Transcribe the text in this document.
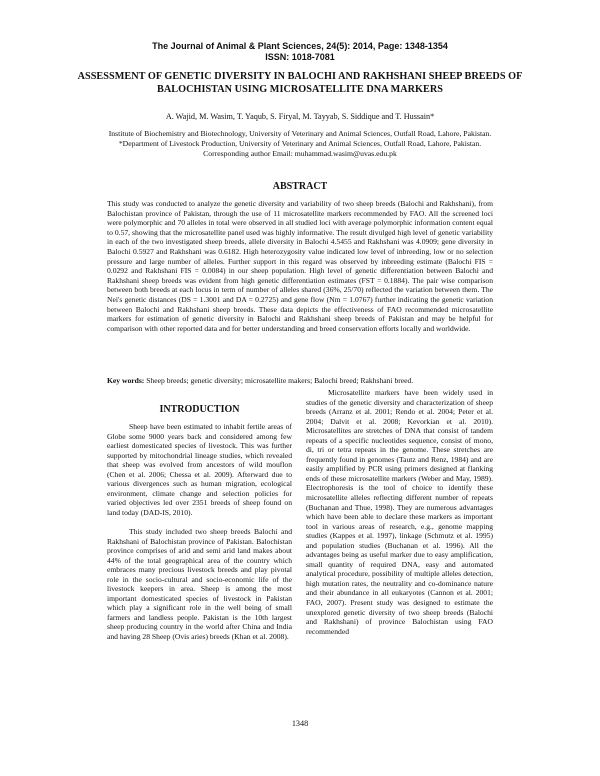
The Journal of Animal & Plant Sciences, 24(5): 2014, Page: 1348-1354
ISSN: 1018-7081
ASSESSMENT OF GENETIC DIVERSITY IN BALOCHI AND RAKHSHANI SHEEP BREEDS OF BALOCHISTAN USING MICROSATELLITE DNA MARKERS
A. Wajid, M. Wasim, T. Yaqub, S. Firyal, M. Tayyab, S. Siddique and T. Hussain*
Institute of Biochemistry and Biotechnology, University of Veterinary and Animal Sciences, Outfall Road, Lahore, Pakistan.
*Department of Livestock Production, University of Veterinary and Animal Sciences, Outfall Road, Lahore, Pakistan.
Corresponding author Email: muhammad.wasim@uvas.edu.pk
ABSTRACT
This study was conducted to analyze the genetic diversity and variability of two sheep breeds (Balochi and Rakhshani), from Balochistan province of Pakistan, through the use of 11 microsatellite markers recommended by FAO. All the screened loci were polymorphic and 70 alleles in total were observed in all studied loci with average polymorphic information content equal to 0.57, showing that the microsatellite panel used was highly informative. The result divulged high level of genetic variability in each of the two investigated sheep breeds, allele diversity in Balochi 4.5455 and Rakhshani was 4.0909; gene diversity in Balochi 0.5927 and Rakhshani was 0.6182. High heterozygosity value indicated low level of inbreeding, low or no selection pressure and large number of alleles. Further support in this regard was observed by inbreeding estimate (Balochi FIS = 0.0292 and Rakhshani FIS = 0.0084) in our sheep population. High level of genetic differentiation between Balochi and Rakhshani sheep breeds was evident from high genetic differentiation estimates (FST = 0.1884). The pair wise comparison between both breeds at each locus in term of number of alleles shared (36%, 25/70) reflected the variation between them. The Nei's genetic distances (DS = 1.3001 and DA = 0.2725) and gene flow (Nm = 1.0767) further indicating the genetic variation between Balochi and Rakhshani sheep breeds. These data depicts the effectiveness of FAO recommended microsatellite markers for estimation of genetic diversity in Balochi and Rakhshani sheep breeds of Pakistan and may be helpful for comparison with other reported data and for better understanding and breed conservation efforts locally and worldwide.
Key words: Sheep breeds; genetic diversity; microsatellite makers; Balochi breed; Rakhshani breed.
INTRODUCTION

Sheep have been estimated to inhabit fertile areas of Globe some 9000 years back and considered among few earliest domesticated species of livestock. This was further supported by mitochondrial lineage studies, which revealed that sheep was evolved from ancestors of wild mouflon (Chen et al. 2006; Chessa et al. 2009). Afterward due to various divergences such as human migration, ecological environment, climate change and selection policies for varied objectives led over 2351 breeds of sheep found on land today (DAD-IS, 2010).

This study included two sheep breeds Balochi and Rakhshani of Balochistan province of Pakistan. Balochistan province comprises of arid and semi arid land makes about 44% of the total geographical area of the country which embraces many precious livestock breeds and play pivotal role in the socio-cultural and socio-economic life of the livestock keepers in area. Sheep is among the most important domesticated species of livestock in Pakistan which play a significant role in the well being of small farmers and landless people. Pakistan is the 10th largest sheep producing country in the world after China and India and having 28 Sheep (Ovis aries) breeds (Khan et al. 2008).

Microsatellite markers have been widely used in studies of the genetic diversity and characterization of sheep breeds (Arranz et al. 2001; Rendo et al. 2004; Peter et al. 2004; Dalvit et al. 2008; Kevorkian et al. 2010). Microsatellites are stretches of DNA that consist of tandem repeats of a specific nucleotides sequence, consist of mono, di, tri or tetra repeats in the genome. These stretches are frequently found in genomes (Tautz and Renz, 1984) and are easily amplified by PCR using primers designed at flanking ends of these microsatellite markers (Weber and May, 1989). Electrophoresis is the tool of choice to identify these microsatellite alleles reflecting different number of repeats (Buchanan and Thue, 1998). They are numerous advantages which have been able to declare these markers as important tool in various areas of research, e.g., genome mapping studies (Kappes et al. 1997), linkage (Schmutz et al. 1995) and population studies (Buchanan et al. 1996). All the advantages being as useful marker due to easy amplification, small quantity of required DNA, easy and automated analytical procedure, possibility of multiple alleles detection, high mutation rates, the neutrality and co-dominance nature and their abundance in all eukaryotes (Cannon et al. 2001; FAO, 2007). Present study was designed to estimate the unexplored genetic diversity of two sheep breeds (Balochi and Rakhshani) of province Balochistan using FAO recommended

1348
